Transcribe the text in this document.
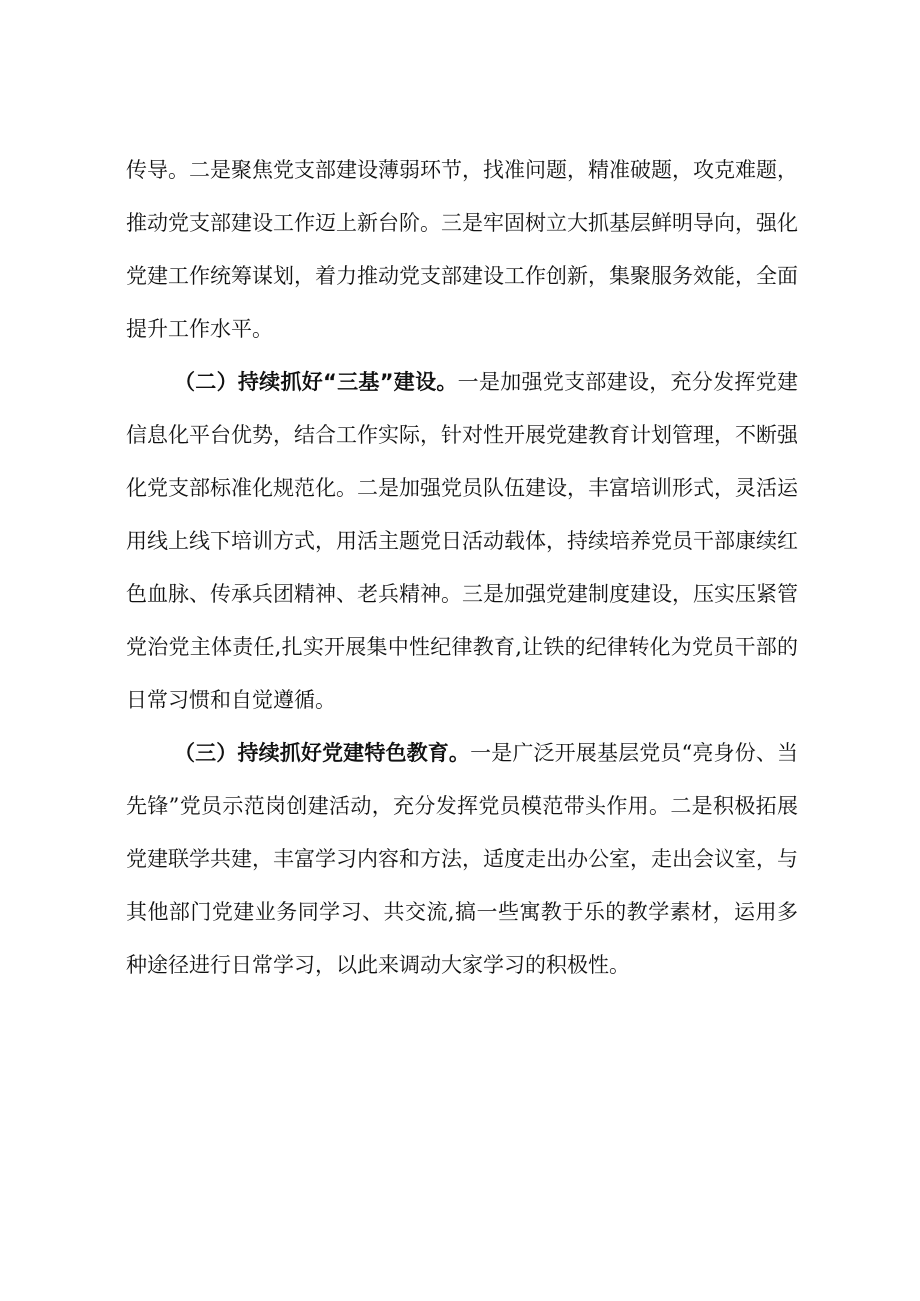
传导。二是聚焦党支部建设薄弱环节，找准问题，精准破题，攻克难题，推动党支部建设工作迈上新台阶。三是牢固树立大抓基层鲜明导向，强化党建工作统筹谋划，着力推动党支部建设工作创新，集聚服务效能，全面提升工作水平。

（二）持续抓好“三基”建设。一是加强党支部建设，充分发挥党建信息化平台优势，结合工作实际，针对性开展党建教育计划管理，不断强化党支部标准化规范化。二是加强党员队伍建设，丰富培训形式，灵活运用线上线下培训方式，用活主题党日活动载体，持续培养党员干部康续红色血脉、传承兵团精神、老兵精神。三是加强党建制度建设，压实压紧管党治党主体责任,扎实开展集中性纪律教育,让铁的纪律转化为党员干部的日常习惯和自觉遵循。

（三）持续抓好党建特色教育。一是广泛开展基层党员“亮身份、当先锋”党员示范岗创建活动，充分发挥党员模范带头作用。二是积极拓展党建联学共建，丰富学习内容和方法，适度走出办公室，走出会议室，与其他部门党建业务同学习、共交流,搞一些寓教于乐的教学素材，运用多种途径进行日常学习，以此来调动大家学习的积极性。
